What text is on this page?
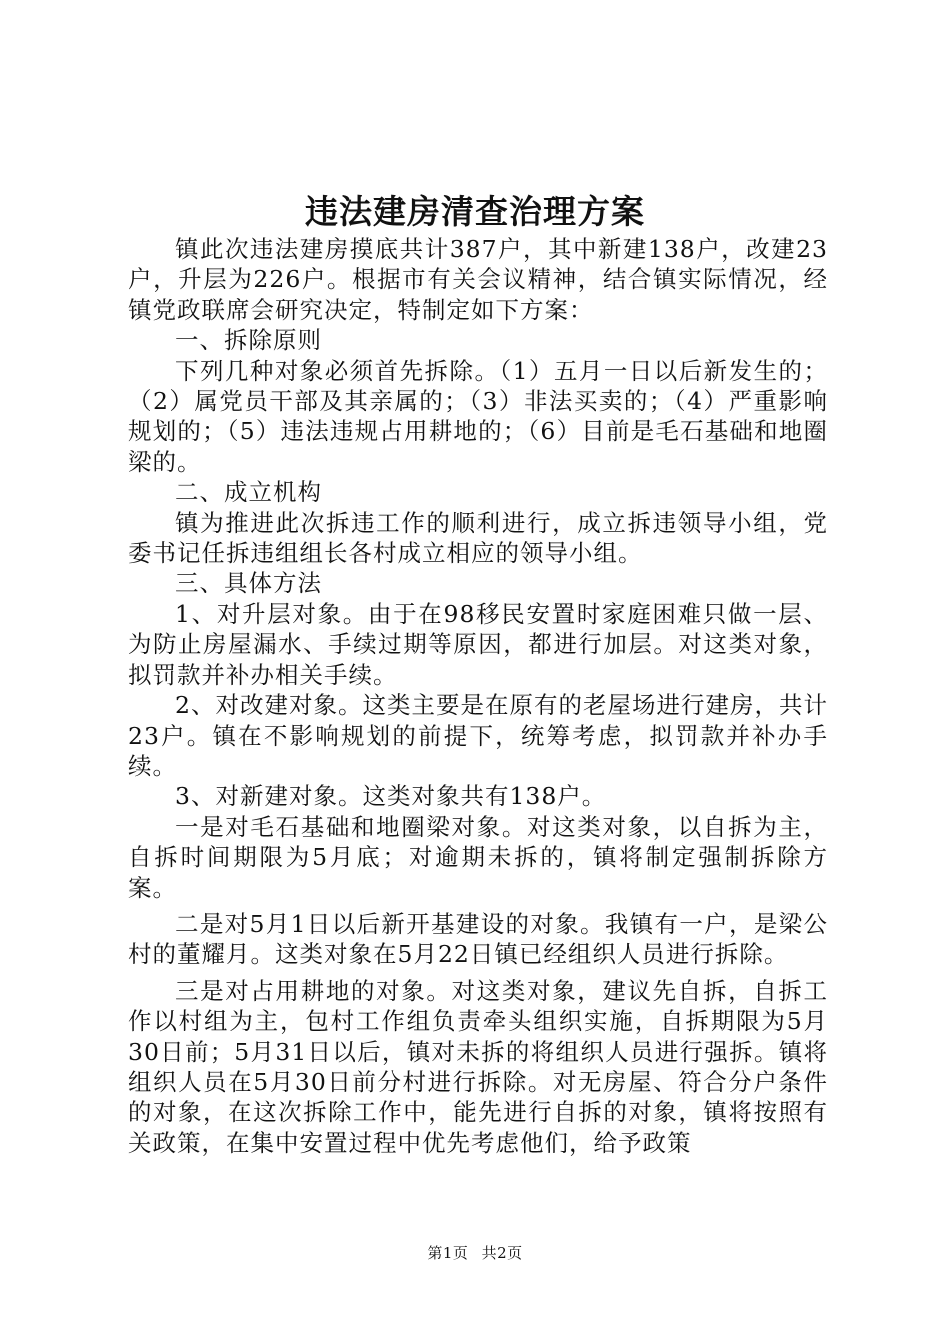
违法建房清查治理方案

镇此次违法建房摸底共计387户，其中新建138户，改建23户，升层为226户。根据市有关会议精神，结合镇实际情况，经镇党政联席会研究决定，特制定如下方案：

一、拆除原则

下列几种对象必须首先拆除。（1）五月一日以后新发生的；（2）属党员干部及其亲属的；（3）非法买卖的；（4）严重影响规划的；（5）违法违规占用耕地的；（6）目前是毛石基础和地圈梁的。

二、成立机构

镇为推进此次拆违工作的顺利进行，成立拆违领导小组，党委书记任拆违组组长各村成立相应的领导小组。

三、具体方法

1、对升层对象。由于在98移民安置时家庭困难只做一层、为防止房屋漏水、手续过期等原因，都进行加层。对这类对象，拟罚款并补办相关手续。

2、对改建对象。这类主要是在原有的老屋场进行建房，共计23户。镇在不影响规划的前提下，统筹考虑，拟罚款并补办手续。

3、对新建对象。这类对象共有138户。

一是对毛石基础和地圈梁对象。对这类对象，以自拆为主，自拆时间期限为5月底；对逾期未拆的，镇将制定强制拆除方案。

二是对5月1日以后新开基建设的对象。我镇有一户，是梁公村的董耀月。这类对象在5月22日镇已经组织人员进行拆除。

三是对占用耕地的对象。对这类对象，建议先自拆，自拆工作以村组为主，包村工作组负责牵头组织实施，自拆期限为5月30日前；5月31日以后，镇对未拆的将组织人员进行强拆。镇将组织人员在5月30日前分村进行拆除。对无房屋、符合分户条件的对象，在这次拆除工作中，能先进行自拆的对象，镇将按照有关政策，在集中安置过程中优先考虑他们，给予政策

第1页 共2页
